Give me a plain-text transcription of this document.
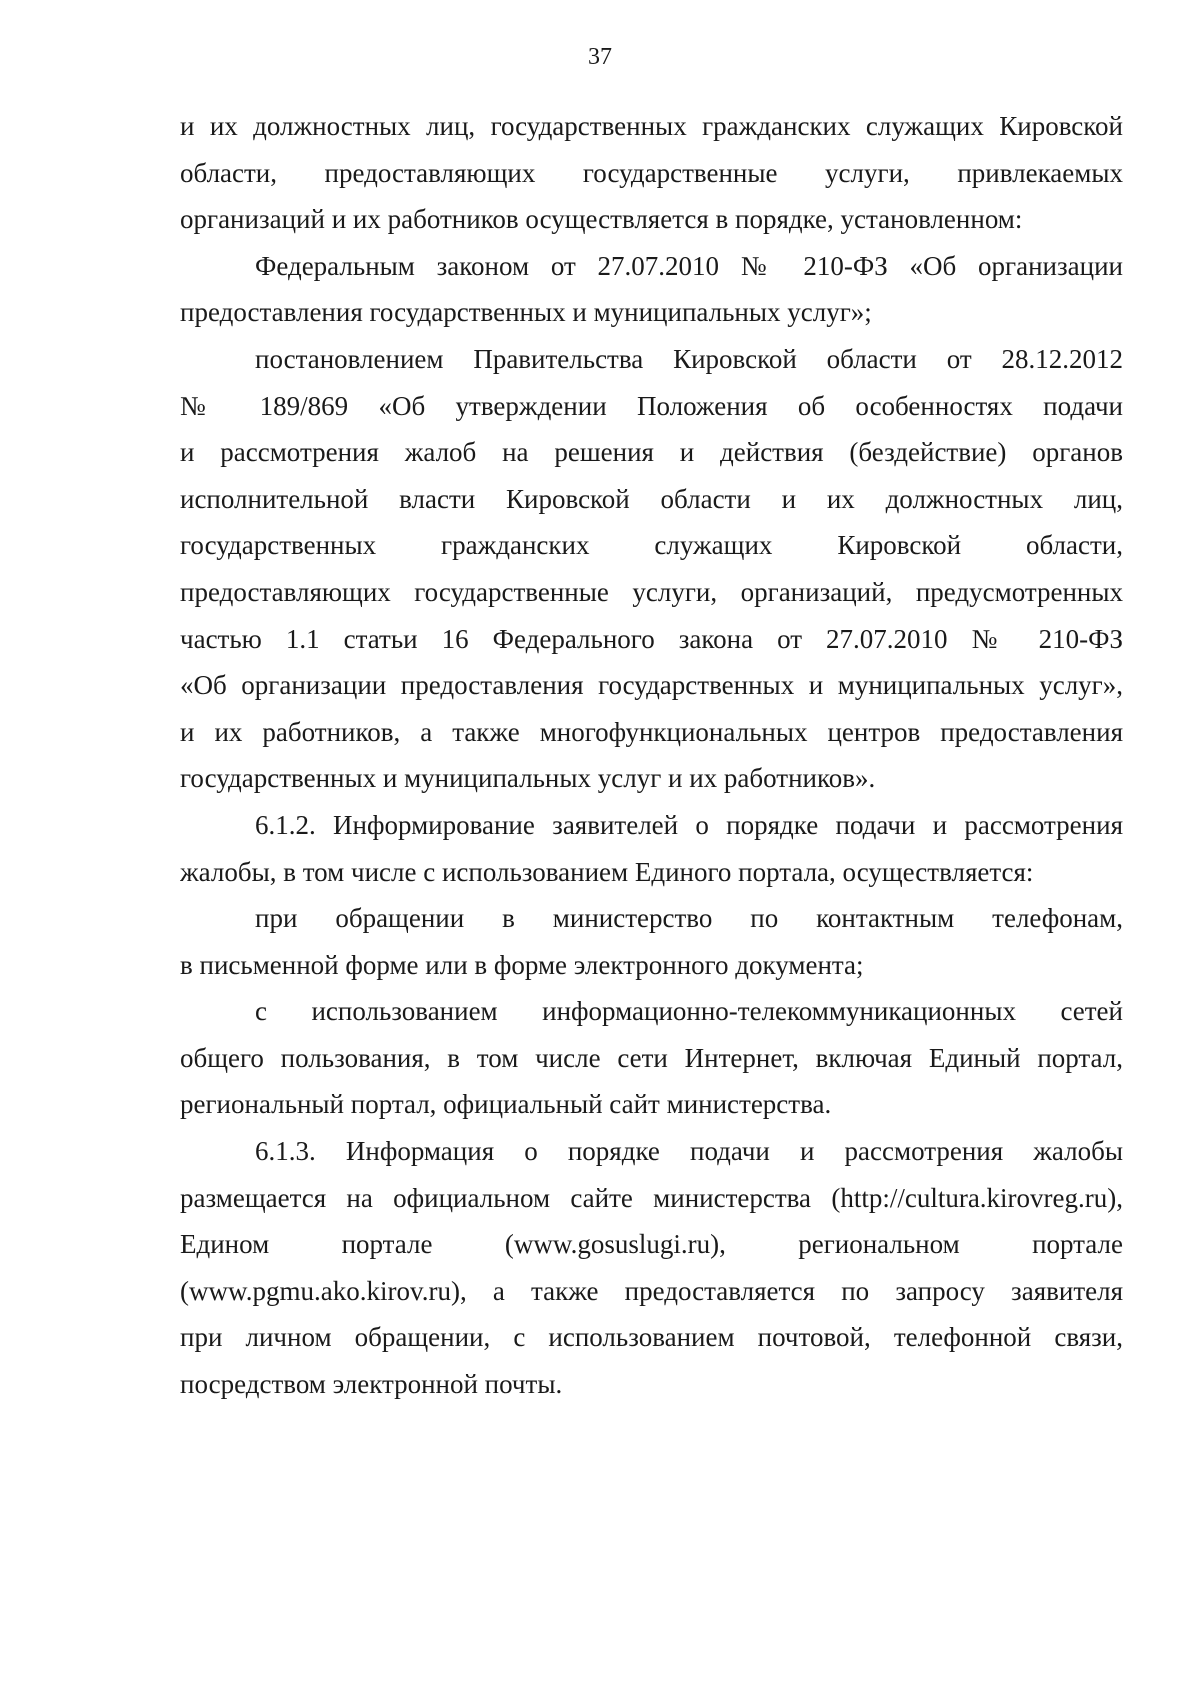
37
и их должностных лиц, государственных гражданских служащих Кировской
области, предоставляющих государственные услуги, привлекаемых
организаций и их работников осуществляется в порядке, установленном:
Федеральным законом от 27.07.2010 № 210-ФЗ «Об организации
предоставления государственных и муниципальных услуг»;
постановлением Правительства Кировской области от 28.12.2012
№ 189/869 «Об утверждении Положения об особенностях подачи
и рассмотрения жалоб на решения и действия (бездействие) органов
исполнительной власти Кировской области и их должностных лиц,
государственных гражданских служащих Кировской области,
предоставляющих государственные услуги, организаций, предусмотренных
частью 1.1 статьи 16 Федерального закона от 27.07.2010 № 210-ФЗ
«Об организации предоставления государственных и муниципальных услуг»,
и их работников, а также многофункциональных центров предоставления
государственных и муниципальных услуг и их работников».
6.1.2. Информирование заявителей о порядке подачи и рассмотрения
жалобы, в том числе с использованием Единого портала, осуществляется:
при обращении в министерство по контактным телефонам,
в письменной форме или в форме электронного документа;
с использованием информационно-телекоммуникационных сетей
общего пользования, в том числе сети Интернет, включая Единый портал,
региональный портал, официальный сайт министерства.
6.1.3. Информация о порядке подачи и рассмотрения жалобы
размещается на официальном сайте министерства (http://cultura.kirovreg.ru),
Едином портале (www.gosuslugi.ru), региональном портале
(www.pgmu.ako.kirov.ru), а также предоставляется по запросу заявителя
при личном обращении, с использованием почтовой, телефонной связи,
посредством электронной почты.
